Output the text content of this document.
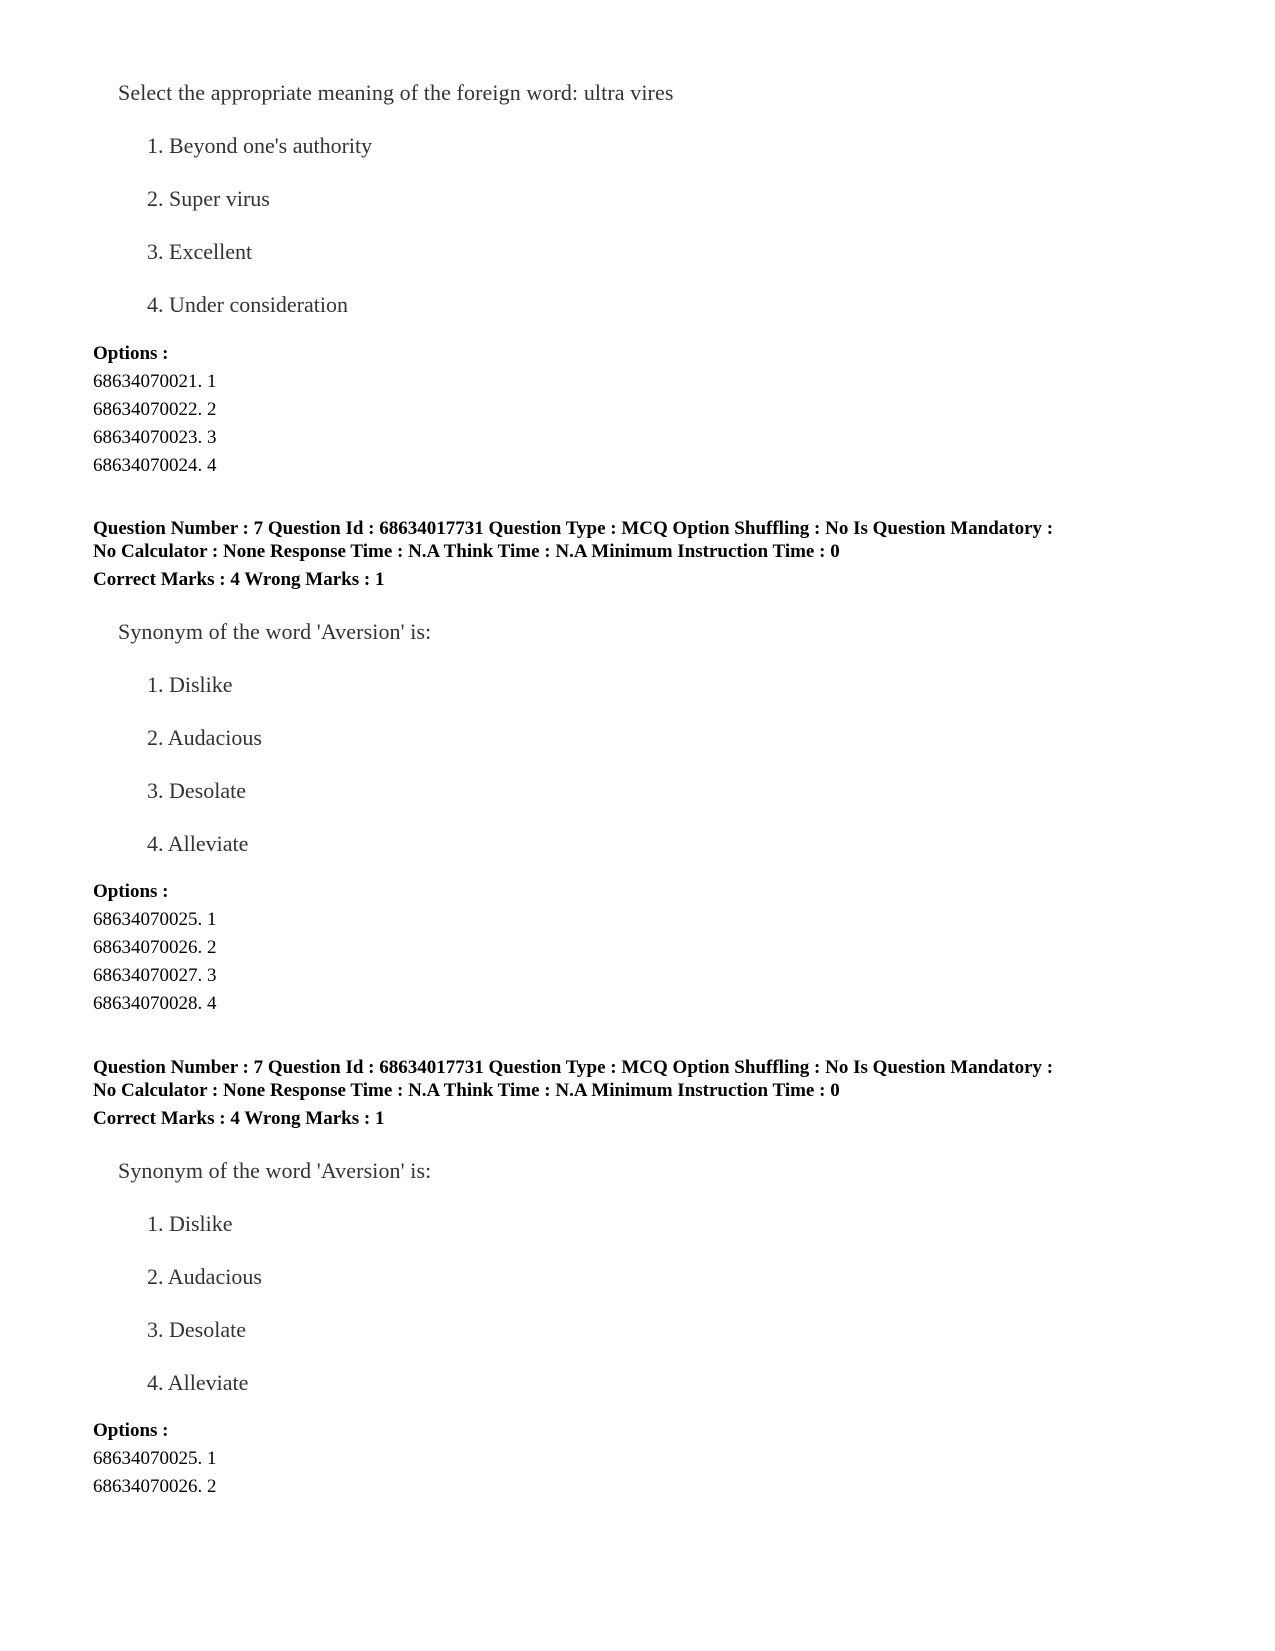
Select the appropriate meaning of the foreign word: ultra vires
1. Beyond one's authority
2. Super virus
3. Excellent
4. Under consideration
Options :
68634070021. 1
68634070022. 2
68634070023. 3
68634070024. 4
Question Number : 7 Question Id : 68634017731 Question Type : MCQ Option Shuffling : No Is Question Mandatory :
No Calculator : None Response Time : N.A Think Time : N.A Minimum Instruction Time : 0
Correct Marks : 4 Wrong Marks : 1
Synonym of the word 'Aversion' is:
1. Dislike
2. Audacious
3. Desolate
4. Alleviate
Options :
68634070025. 1
68634070026. 2
68634070027. 3
68634070028. 4
Question Number : 7 Question Id : 68634017731 Question Type : MCQ Option Shuffling : No Is Question Mandatory :
No Calculator : None Response Time : N.A Think Time : N.A Minimum Instruction Time : 0
Correct Marks : 4 Wrong Marks : 1
Synonym of the word 'Aversion' is:
1. Dislike
2. Audacious
3. Desolate
4. Alleviate
Options :
68634070025. 1
68634070026. 2
